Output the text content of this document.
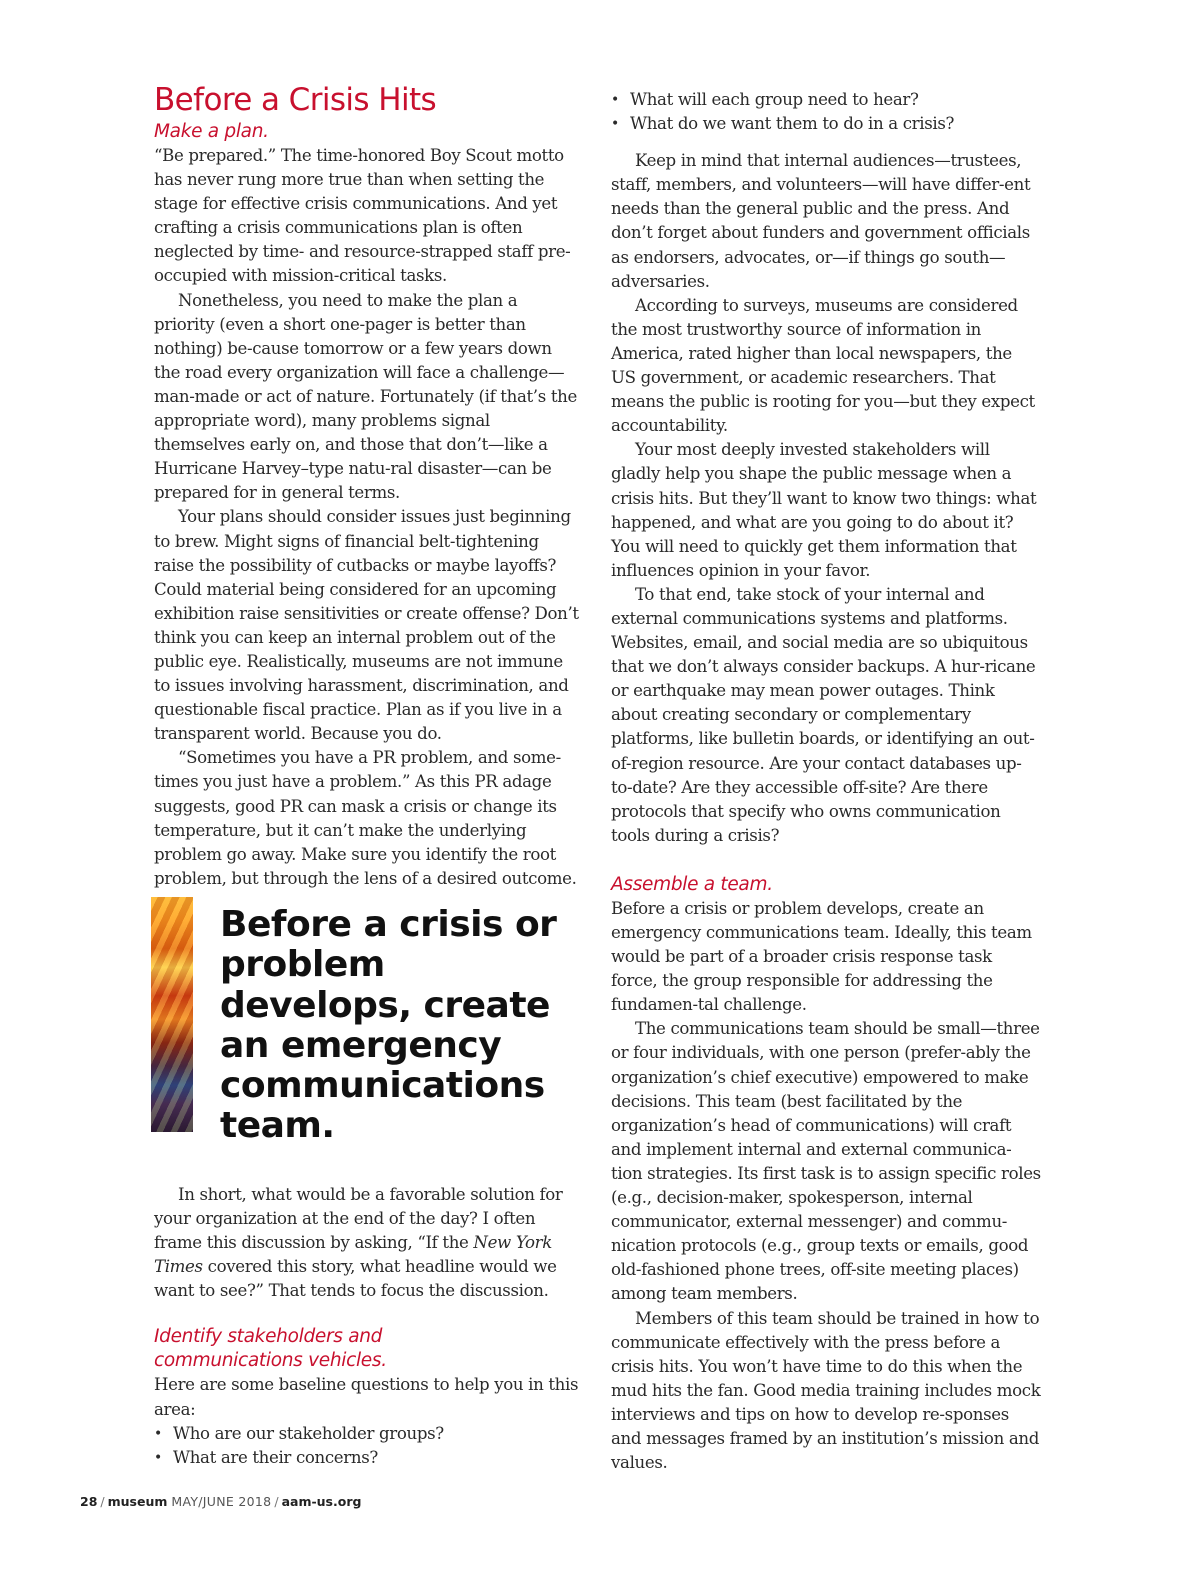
Before a Crisis Hits
Make a plan.

“Be prepared.” The time-honored Boy Scout motto has never rung more true than when setting the stage for effective crisis communications. And yet crafting a crisis communications plan is often neglected by time- and resource-strapped staff pre-occupied with mission-critical tasks.

Nonetheless, you need to make the plan a priority (even a short one-pager is better than nothing) be-cause tomorrow or a few years down the road every organization will face a challenge—man-made or act of nature. Fortunately (if that’s the appropriate word), many problems signal themselves early on, and those that don’t—like a Hurricane Harvey–type natu-ral disaster—can be prepared for in general terms.

Your plans should consider issues just beginning to brew. Might signs of financial belt-tightening raise the possibility of cutbacks or maybe layoffs? Could material being considered for an upcoming exhibition raise sensitivities or create offense? Don’t think you can keep an internal problem out of the public eye. Realistically, museums are not immune to issues involving harassment, discrimination, and questionable fiscal practice. Plan as if you live in a transparent world. Because you do.

“Sometimes you have a PR problem, and some-times you just have a problem.” As this PR adage suggests, good PR can mask a crisis or change its temperature, but it can’t make the underlying problem go away. Make sure you identify the root problem, but through the lens of a desired outcome.

Before a crisis or problem develops, create an emergency communications team.

In short, what would be a favorable solution for your organization at the end of the day? I often frame this discussion by asking, “If the New York Times covered this story, what headline would we want to see?” That tends to focus the discussion.

Identify stakeholders and
communications vehicles.

Here are some baseline questions to help you in this area:

• Who are our stakeholder groups?
• What are their concerns?
• What will each group need to hear?
• What do we want them to do in a crisis?

Keep in mind that internal audiences—trustees, staff, members, and volunteers—will have differ-ent needs than the general public and the press. And don’t forget about funders and government officials as endorsers, advocates, or—if things go south—adversaries.

According to surveys, museums are considered the most trustworthy source of information in America, rated higher than local newspapers, the US government, or academic researchers. That means the public is rooting for you—but they expect accountability.

Your most deeply invested stakeholders will gladly help you shape the public message when a crisis hits. But they’ll want to know two things: what happened, and what are you going to do about it? You will need to quickly get them information that influences opinion in your favor.

To that end, take stock of your internal and external communications systems and platforms. Websites, email, and social media are so ubiquitous that we don’t always consider backups. A hur-ricane or earthquake may mean power outages. Think about creating secondary or complementary platforms, like bulletin boards, or identifying an out-of-region resource. Are your contact databases up-to-date? Are they accessible off-site? Are there protocols that specify who owns communication tools during a crisis?

Assemble a team.

Before a crisis or problem develops, create an emergency communications team. Ideally, this team would be part of a broader crisis response task force, the group responsible for addressing the fundamen-tal challenge.

The communications team should be small—three or four individuals, with one person (prefer-ably the organization’s chief executive) empowered to make decisions. This team (best facilitated by the organization’s head of communications) will craft and implement internal and external communica-tion strategies. Its first task is to assign specific roles (e.g., decision-maker, spokesperson, internal communicator, external messenger) and commu-nication protocols (e.g., group texts or emails, good old-fashioned phone trees, off-site meeting places) among team members.

Members of this team should be trained in how to communicate effectively with the press before a crisis hits. You won’t have time to do this when the mud hits the fan. Good media training includes mock interviews and tips on how to develop re-sponses and messages framed by an institution’s mission and values.

28 / museum MAY/JUNE 2018 / aam-us.org
